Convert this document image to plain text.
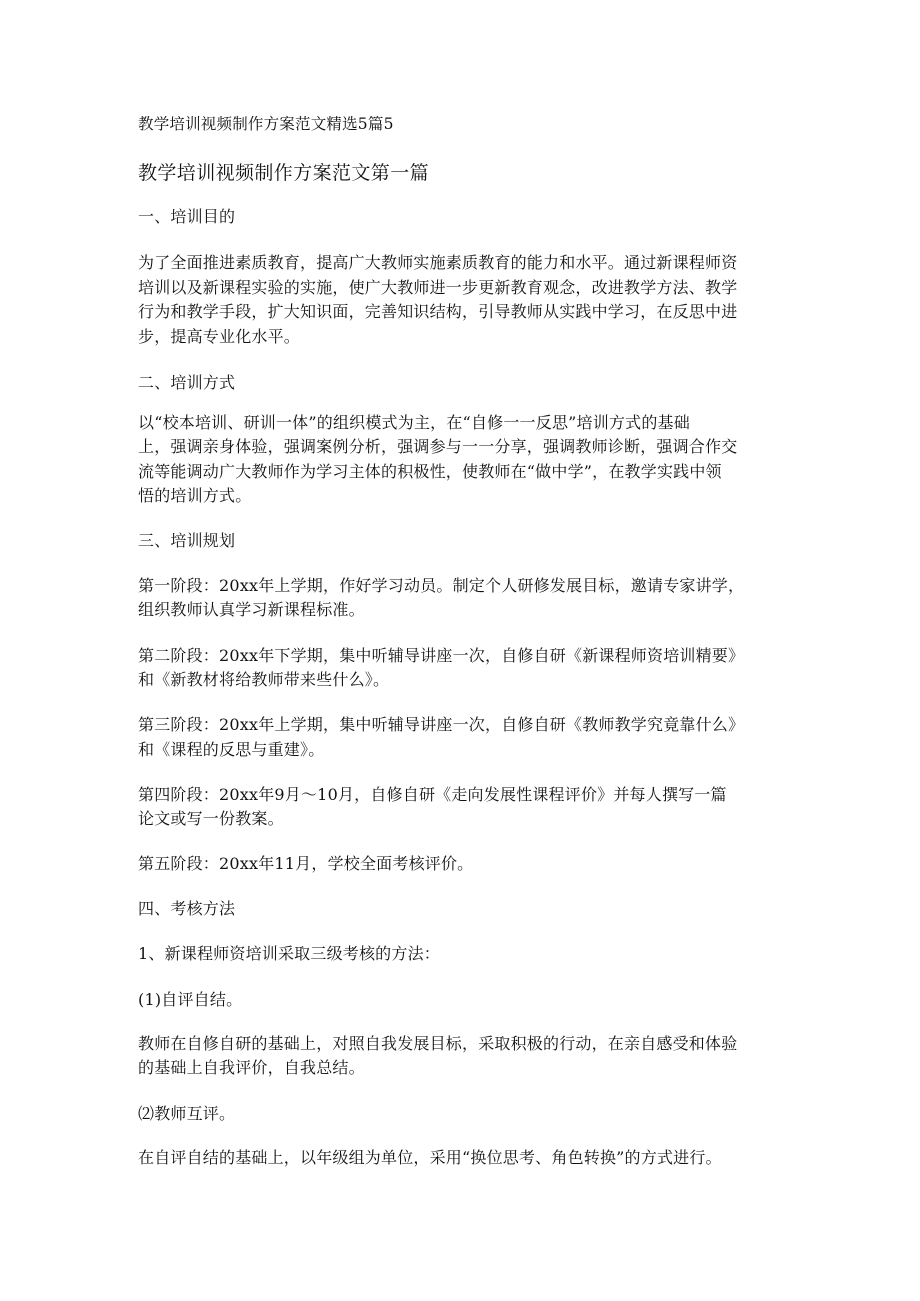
教学培训视频制作方案范文精选5篇5

教学培训视频制作方案范文第一篇

一、培训目的

为了全面推进素质教育，提高广大教师实施素质教育的能力和水平。通过新课程师资

培训以及新课程实验的实施，使广大教师进一步更新教育观念，改进教学方法、教学

行为和教学手段，扩大知识面，完善知识结构，引导教师从实践中学习，在反思中进

步，提高专业化水平。

二、培训方式

以“校本培训、研训一体”的组织模式为主，在“自修一一反思”培训方式的基础

上，强调亲身体验，强调案例分析，强调参与一一分享，强调教师诊断，强调合作交

流等能调动广大教师作为学习主体的积极性，使教师在“做中学”，在教学实践中领

悟的培训方式。

三、培训规划

第一阶段：20xx年上学期，作好学习动员。制定个人研修发展目标，邀请专家讲学，

组织教师认真学习新课程标准。

第二阶段：20xx年下学期，集中听辅导讲座一次，自修自研《新课程师资培训精要》

和《新教材将给教师带来些什么》。

第三阶段：20xx年上学期，集中听辅导讲座一次，自修自研《教师教学究竟靠什么》

和《课程的反思与重建》。

第四阶段：20xx年9月～10月，自修自研《走向发展性课程评价》并每人撰写一篇

论文或写一份教案。

第五阶段：20xx年11月，学校全面考核评价。

四、考核方法

1、新课程师资培训采取三级考核的方法：

(1)自评自结。

教师在自修自研的基础上，对照自我发展目标，采取积极的行动，在亲自感受和体验

的基础上自我评价，自我总结。

⑵教师互评。

在自评自结的基础上，以年级组为单位，采用“换位思考、角色转换”的方式进行。
